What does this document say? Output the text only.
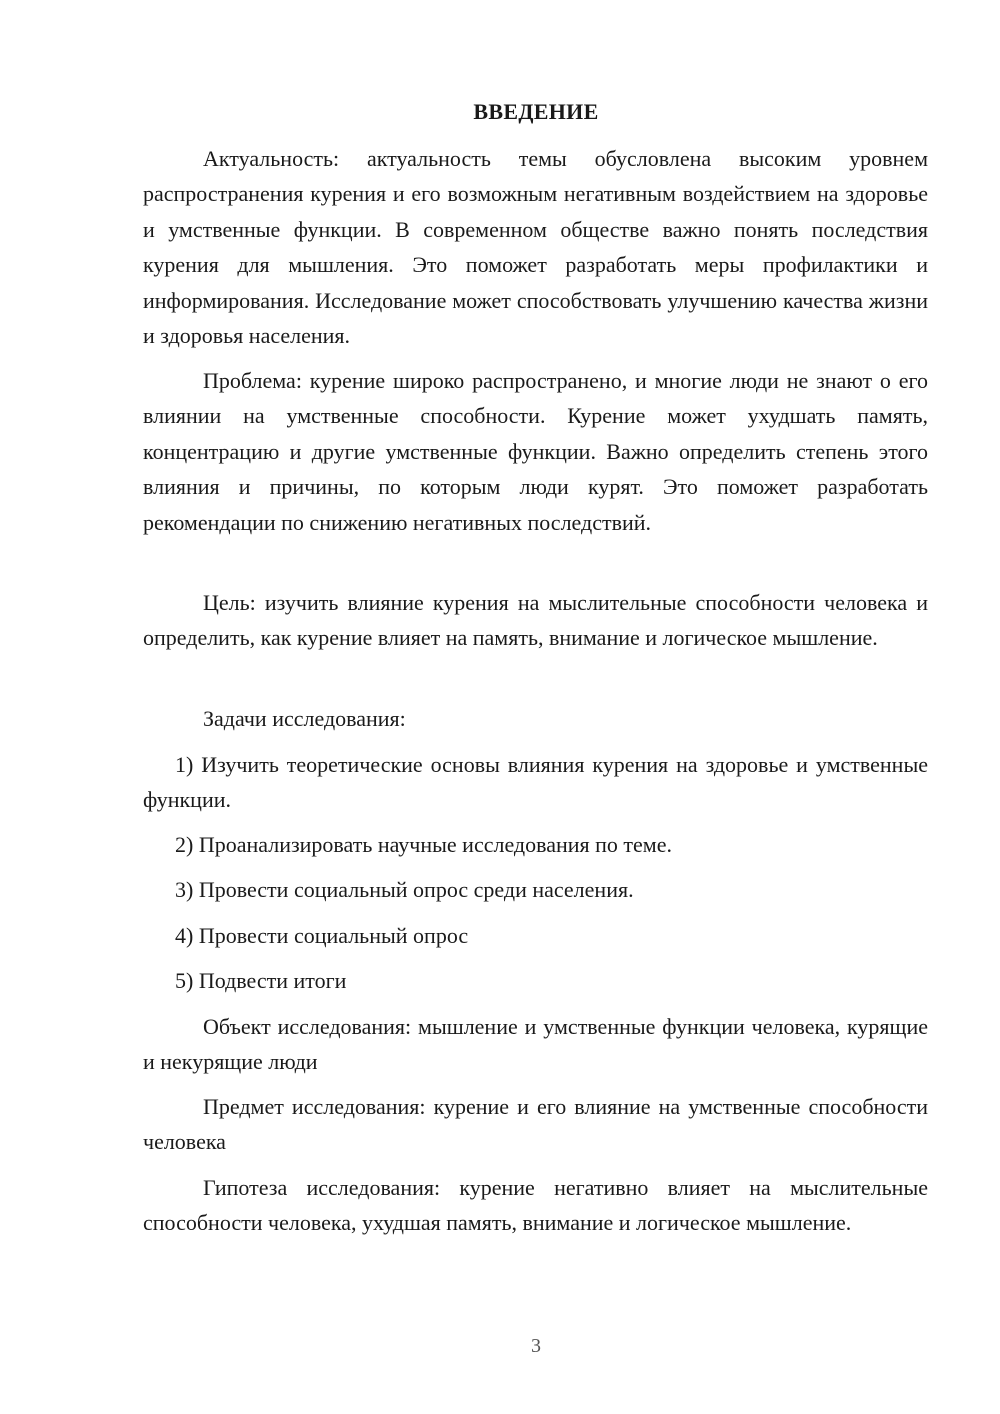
ВВЕДЕНИЕ

Актуальность: актуальность темы обусловлена высоким уровнем распространения курения и его возможным негативным воздействием на здоровье и умственные функции. В современном обществе важно понять последствия курения для мышления. Это поможет разработать меры профилактики и информирования. Исследование может способствовать улучшению качества жизни и здоровья населения.

Проблема: курение широко распространено, и многие люди не знают о его влиянии на умственные способности. Курение может ухудшать память, концентрацию и другие умственные функции. Важно определить степень этого влияния и причины, по которым люди курят. Это поможет разработать рекомендации по снижению негативных последствий.

Цель: изучить влияние курения на мыслительные способности человека и определить, как курение влияет на память, внимание и логическое мышление.

Задачи исследования:

1) Изучить теоретические основы влияния курения на здоровье и умственные функции.

2) Проанализировать научные исследования по теме.

3) Провести социальный опрос среди населения.

4) Провести социальный опрос

5) Подвести итоги

Объект исследования: мышление и умственные функции человека, курящие и некурящие люди

Предмет исследования: курение и его влияние на умственные способности человека

Гипотеза исследования: курение негативно влияет на мыслительные способности человека, ухудшая память, внимание и логическое мышление.

3
